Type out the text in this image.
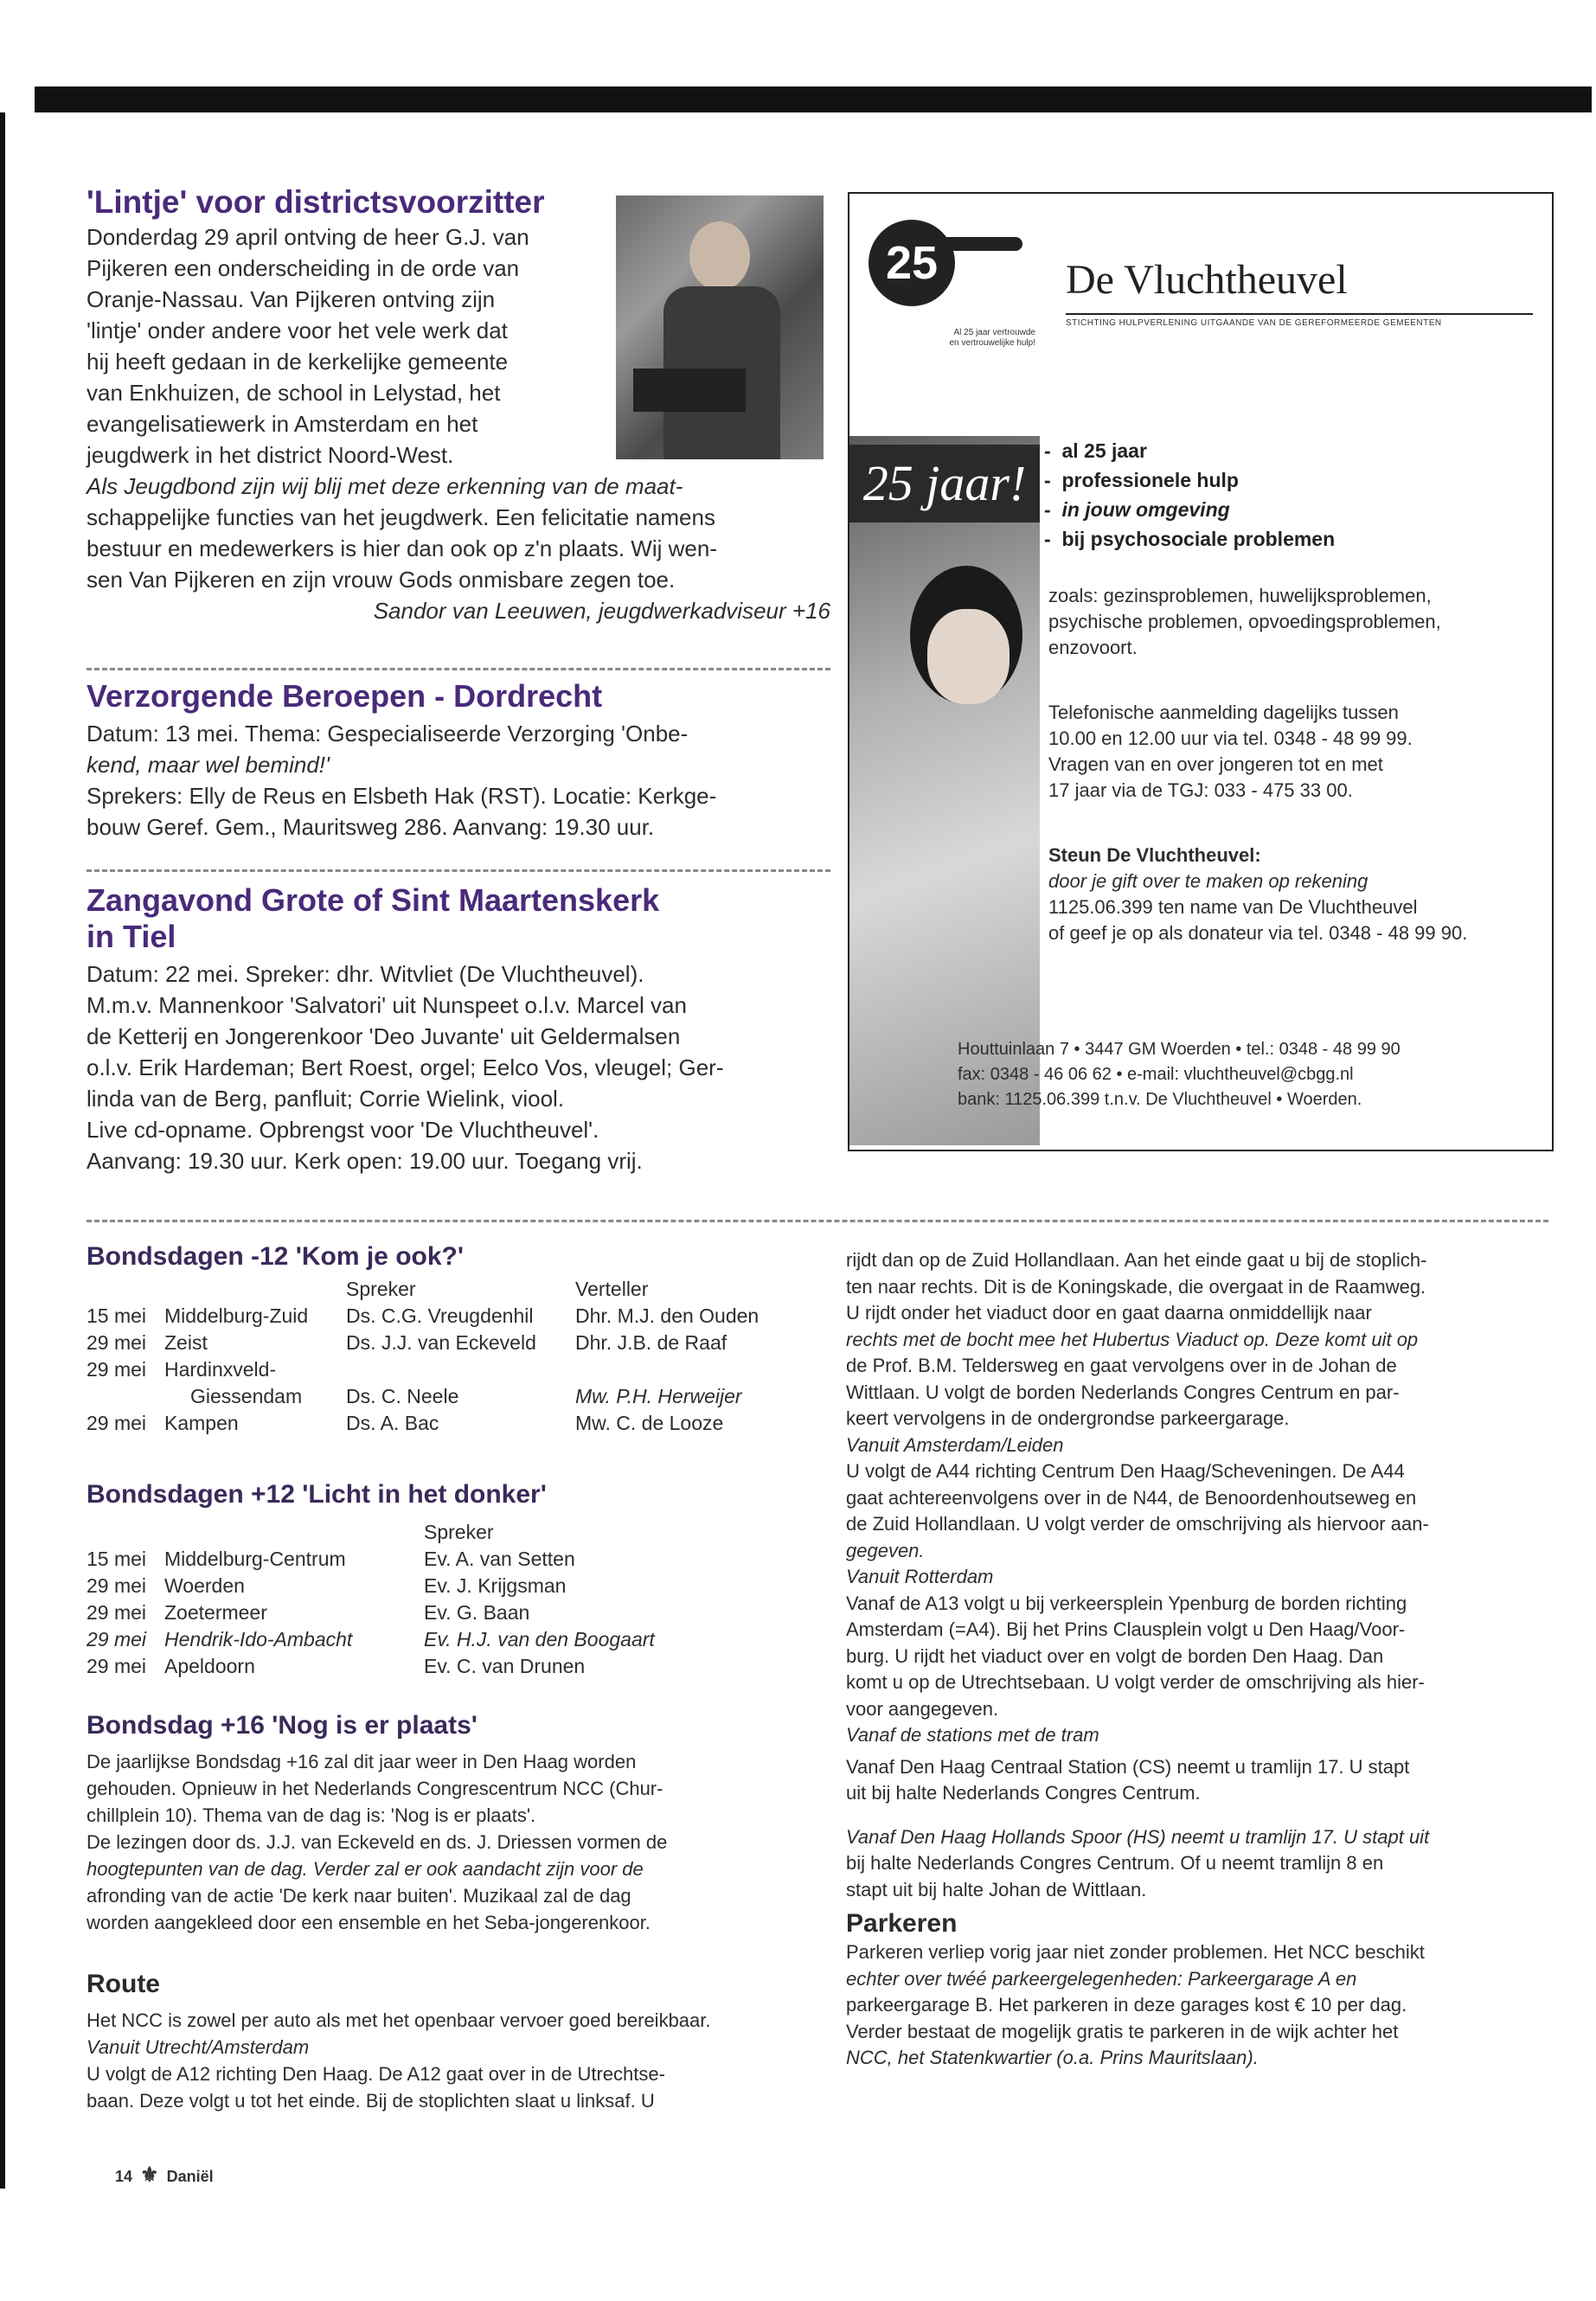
'Lintje' voor districtsvoorzitter

Donderdag 29 april ontving de heer G.J. van

Pijkeren een onderscheiding in de orde van

Oranje-Nassau. Van Pijkeren ontving zijn

'lintje' onder andere voor het vele werk dat

hij heeft gedaan in de kerkelijke gemeente

van Enkhuizen, de school in Lelystad, het

evangelisatiewerk in Amsterdam en het

jeugdwerk in het district Noord-West.

Als Jeugdbond zijn wij blij met deze erkenning van de maat-

schappelijke functies van het jeugdwerk. Een felicitatie namens

bestuur en medewerkers is hier dan ook op z'n plaats. Wij wen-

sen Van Pijkeren en zijn vrouw Gods onmisbare zegen toe.

Sandor van Leeuwen, jeugdwerkadviseur +16

Verzorgende Beroepen - Dordrecht

Datum: 13 mei. Thema: Gespecialiseerde Verzorging 'Onbe-

kend, maar wel bemind!'

Sprekers: Elly de Reus en Elsbeth Hak (RST). Locatie: Kerkge-

bouw Geref. Gem., Mauritsweg 286. Aanvang: 19.30 uur.

Zangavond Grote of Sint Maartenskerk
in Tiel

Datum: 22 mei. Spreker: dhr. Witvliet (De Vluchtheuvel).

M.m.v. Mannenkoor 'Salvatori' uit Nunspeet o.l.v. Marcel van

de Ketterij en Jongerenkoor 'Deo Juvante' uit Geldermalsen

o.l.v. Erik Hardeman; Bert Roest, orgel; Eelco Vos, vleugel; Ger-

linda van de Berg, panfluit; Corrie Wielink, viool.

Live cd-opname. Opbrengst voor 'De Vluchtheuvel'.

Aanvang: 19.30 uur. Kerk open: 19.00 uur. Toegang vrij.

25
Al 25 jaar vertrouwde
en vertrouwelijke hulp!
De Vluchtheuvel
STICHTING HULPVERLENING UITGAANDE VAN DE GEREFORMEERDE GEMEENTEN
25 jaar!
-  al 25 jaar
-  professionele hulp
-  in jouw omgeving
-  bij psychosociale problemen

zoals: gezinsproblemen, huwelijksproblemen,

psychische problemen, opvoedingsproblemen,

enzovoort.

Telefonische aanmelding dagelijks tussen

10.00 en 12.00 uur via tel. 0348 - 48 99 99.

Vragen van en over jongeren tot en met

17 jaar via de TGJ: 033 - 475 33 00.

Steun De Vluchtheuvel:

door je gift over te maken op rekening

1125.06.399 ten name van De Vluchtheuvel

of geef je op als donateur via tel. 0348 - 48 99 90.

Houttuinlaan 7 • 3447 GM Woerden • tel.: 0348 - 48 99 90

fax: 0348 - 46 06 62 • e-mail: vluchtheuvel@cbgg.nl

bank: 1125.06.399 t.n.v. De Vluchtheuvel • Woerden.

Bondsdagen -12 'Kom je ook?'
		Spreker	Verteller
15 mei	Middelburg-Zuid	Ds. C.G. Vreugdenhil	Dhr. M.J. den Ouden
29 mei	Zeist	Ds. J.J. van Eckeveld	Dhr. J.B. de Raaf
29 mei	Hardinxveld-		
	Giessendam	Ds. C. Neele	Mw. P.H. Herweijer
29 mei	Kampen	Ds. A. Bac	Mw. C. de Looze
Bondsdagen +12 'Licht in het donker'
		Spreker
15 mei	Middelburg-Centrum	Ev. A. van Setten
29 mei	Woerden	Ev. J. Krijgsman
29 mei	Zoetermeer	Ev. G. Baan
29 mei	Hendrik-Ido-Ambacht	Ev. H.J. van den Boogaart
29 mei	Apeldoorn	Ev. C. van Drunen
Bondsdag +16 'Nog is er plaats'

De jaarlijkse Bondsdag +16 zal dit jaar weer in Den Haag worden

gehouden. Opnieuw in het Nederlands Congrescentrum NCC (Chur-

chillplein 10). Thema van de dag is: 'Nog is er plaats'.

De lezingen door ds. J.J. van Eckeveld en ds. J. Driessen vormen de

hoogtepunten van de dag. Verder zal er ook aandacht zijn voor de

afronding van de actie 'De kerk naar buiten'. Muzikaal zal de dag

worden aangekleed door een ensemble en het Seba-jongerenkoor.

Route

Het NCC is zowel per auto als met het openbaar vervoer goed bereikbaar.

Vanuit Utrecht/Amsterdam

U volgt de A12 richting Den Haag. De A12 gaat over in de Utrechtse-

baan. Deze volgt u tot het einde. Bij de stoplichten slaat u linksaf. U

rijdt dan op de Zuid Hollandlaan. Aan het einde gaat u bij de stoplich-

ten naar rechts. Dit is de Koningskade, die overgaat in de Raamweg.

U rijdt onder het viaduct door en gaat daarna onmiddellijk naar

rechts met de bocht mee het Hubertus Viaduct op. Deze komt uit op

de Prof. B.M. Teldersweg en gaat vervolgens over in de Johan de

Wittlaan. U volgt de borden Nederlands Congres Centrum en par-

keert vervolgens in de ondergrondse parkeergarage.

Vanuit Amsterdam/Leiden

U volgt de A44 richting Centrum Den Haag/Scheveningen. De A44

gaat achtereenvolgens over in de N44, de Benoordenhoutseweg en

de Zuid Hollandlaan. U volgt verder de omschrijving als hiervoor aan-

gegeven.

Vanuit Rotterdam

Vanaf de A13 volgt u bij verkeersplein Ypenburg de borden richting

Amsterdam (=A4). Bij het Prins Clausplein volgt u Den Haag/Voor-

burg. U rijdt het viaduct over en volgt de borden Den Haag. Dan

komt u op de Utrechtsebaan. U volgt verder de omschrijving als hier-

voor aangegeven.

Vanaf de stations met de tram

Vanaf Den Haag Centraal Station (CS) neemt u tramlijn 17. U stapt

uit bij halte Nederlands Congres Centrum.

Vanaf Den Haag Hollands Spoor (HS) neemt u tramlijn 17. U stapt uit

bij halte Nederlands Congres Centrum. Of u neemt tramlijn 8 en

stapt uit bij halte Johan de Wittlaan.

Parkeren

Parkeren verliep vorig jaar niet zonder problemen. Het NCC beschikt

echter over twéé parkeergelegenheden: Parkeergarage A en

parkeergarage B. Het parkeren in deze garages kost € 10 per dag.

Verder bestaat de mogelijk gratis te parkeren in de wijk achter het

NCC, het Statenkwartier (o.a. Prins Mauritslaan).

14 ⚜ Daniël
